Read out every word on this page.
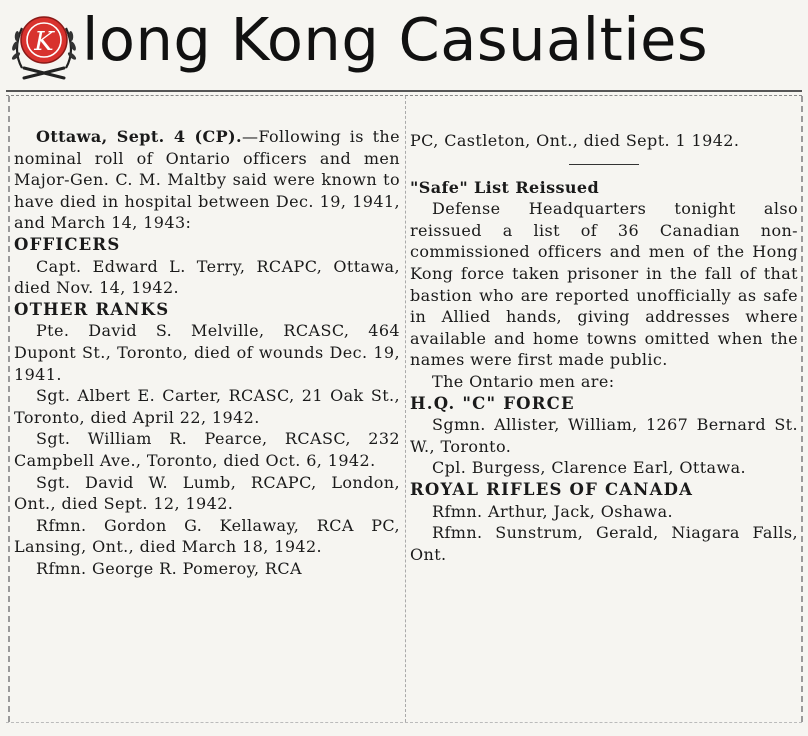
K long Kong Casualties

Ottawa, Sept. 4 (CP).—Following is the nominal roll of Ontario officers and men Major-Gen. C. M. Maltby said were known to have died in hospital between Dec. 19, 1941, and March 14, 1943:

OFFICERS

Capt. Edward L. Terry, RCAPC, Ottawa, died Nov. 14, 1942.

OTHER RANKS

Pte. David S. Melville, RCASC, 464 Dupont St., Toronto, died of wounds Dec. 19, 1941.

Sgt. Albert E. Carter, RCASC, 21 Oak St., Toronto, died April 22, 1942.

Sgt. William R. Pearce, RCASC, 232 Campbell Ave., Toronto, died Oct. 6, 1942.

Sgt. David W. Lumb, RCAPC, London, Ont., died Sept. 12, 1942.

Rfmn. Gordon G. Kellaway, RCA PC, Lansing, Ont., died March 18, 1942.

Rfmn. George R. Pomeroy, RCA

PC, Castleton, Ont., died Sept. 1 1942.

"Safe" List Reissued

Defense Headquarters tonight also reissued a list of 36 Canadian non-commissioned officers and men of the Hong Kong force taken prisoner in the fall of that bastion who are reported unofficially as safe in Allied hands, giving addresses where available and home towns omitted when the names were first made public.

The Ontario men are:

H.Q. "C" FORCE

Sgmn. Allister, William, 1267 Bernard St. W., Toronto.

Cpl. Burgess, Clarence Earl, Ottawa.

ROYAL RIFLES OF CANADA

Rfmn. Arthur, Jack, Oshawa.

Rfmn. Sunstrum, Gerald, Niagara Falls, Ont.
